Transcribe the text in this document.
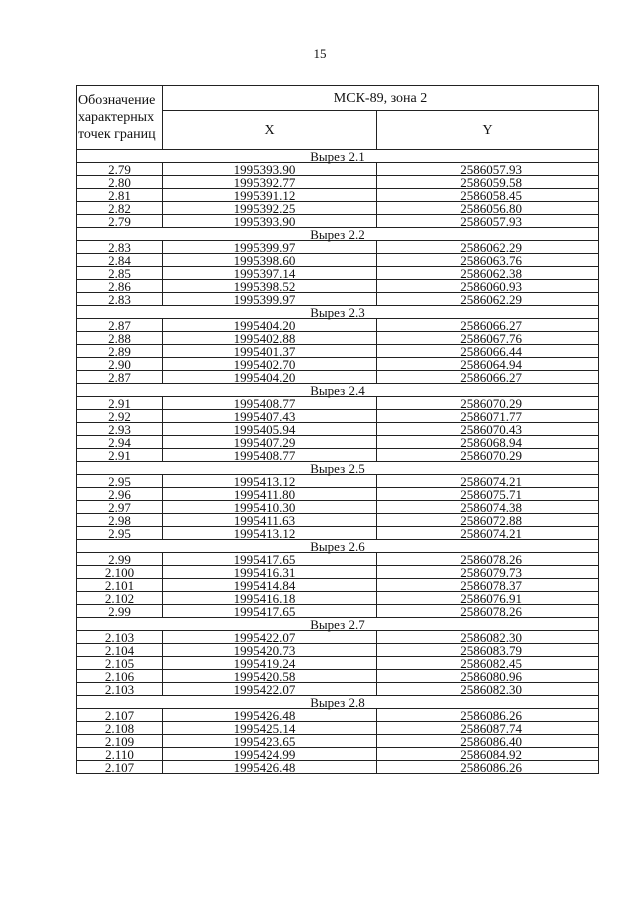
15
Обозначение
характерных
точек границ	МСК-89, зона 2	
	X	Y
Вырез 2.1		
2.79	1995393.90	2586057.93
2.80	1995392.77	2586059.58
2.81	1995391.12	2586058.45
2.82	1995392.25	2586056.80
2.79	1995393.90	2586057.93
Вырез 2.2		
2.83	1995399.97	2586062.29
2.84	1995398.60	2586063.76
2.85	1995397.14	2586062.38
2.86	1995398.52	2586060.93
2.83	1995399.97	2586062.29
Вырез 2.3		
2.87	1995404.20	2586066.27
2.88	1995402.88	2586067.76
2.89	1995401.37	2586066.44
2.90	1995402.70	2586064.94
2.87	1995404.20	2586066.27
Вырез 2.4		
2.91	1995408.77	2586070.29
2.92	1995407.43	2586071.77
2.93	1995405.94	2586070.43
2.94	1995407.29	2586068.94
2.91	1995408.77	2586070.29
Вырез 2.5		
2.95	1995413.12	2586074.21
2.96	1995411.80	2586075.71
2.97	1995410.30	2586074.38
2.98	1995411.63	2586072.88
2.95	1995413.12	2586074.21
Вырез 2.6		
2.99	1995417.65	2586078.26
2.100	1995416.31	2586079.73
2.101	1995414.84	2586078.37
2.102	1995416.18	2586076.91
2.99	1995417.65	2586078.26
Вырез 2.7		
2.103	1995422.07	2586082.30
2.104	1995420.73	2586083.79
2.105	1995419.24	2586082.45
2.106	1995420.58	2586080.96
2.103	1995422.07	2586082.30
Вырез 2.8		
2.107	1995426.48	2586086.26
2.108	1995425.14	2586087.74
2.109	1995423.65	2586086.40
2.110	1995424.99	2586084.92
2.107	1995426.48	2586086.26
